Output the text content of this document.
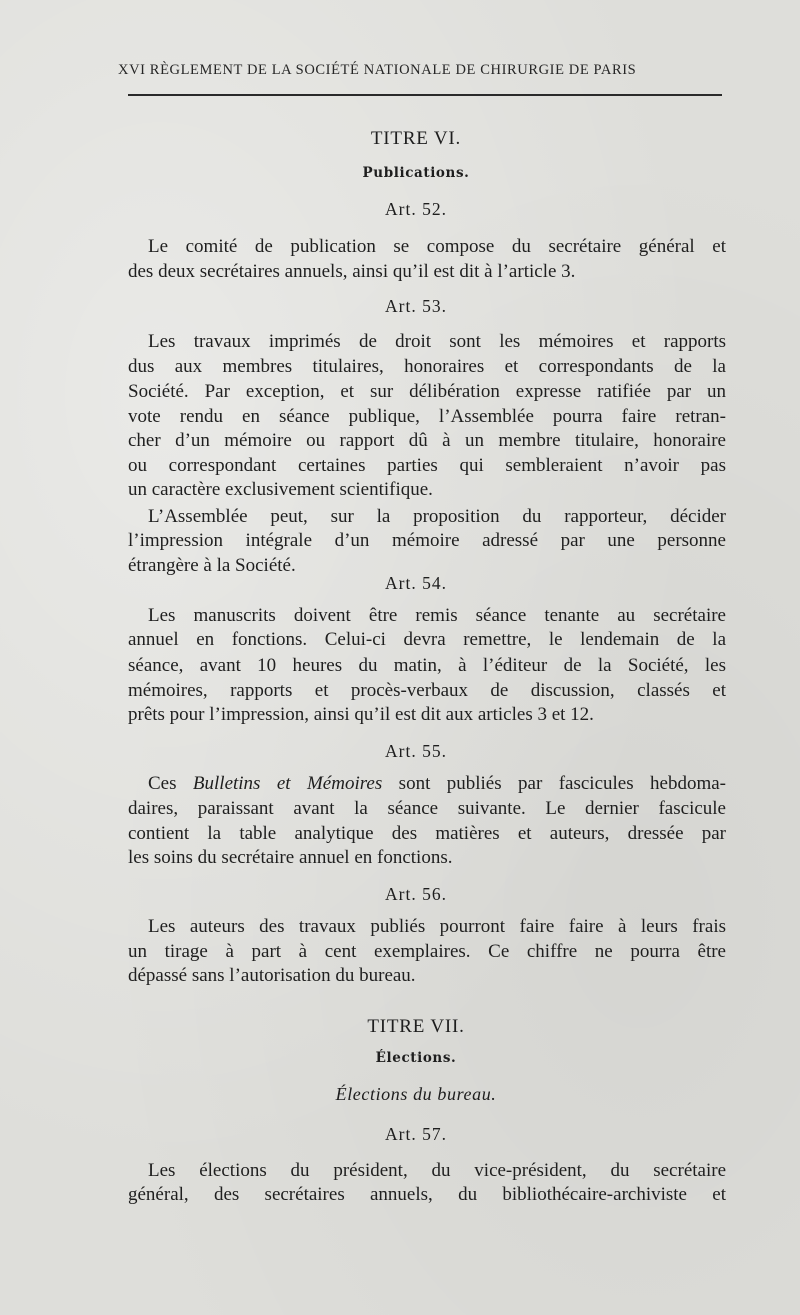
XVI RÈGLEMENT DE LA SOCIÉTÉ NATIONALE DE CHIRURGIE DE PARIS
TITRE VI.
Publications.
Art. 52.
Le comité de publication se compose du secrétaire général et
des deux secrétaires annuels, ainsi qu’il est dit à l’article 3.
Art. 53.
Les travaux imprimés de droit sont les mémoires et rapports
dus aux membres titulaires, honoraires et correspondants de la
Société. Par exception, et sur délibération expresse ratifiée par un
vote rendu en séance publique, l’Assemblée pourra faire retran-
cher d’un mémoire ou rapport dû à un membre titulaire, honoraire
ou correspondant certaines parties qui sembleraient n’avoir pas
un caractère exclusivement scientifique.
L’Assemblée peut, sur la proposition du rapporteur, décider
l’impression intégrale d’un mémoire adressé par une personne
étrangère à la Société.
Art. 54.
Les manuscrits doivent être remis séance tenante au secrétaire
annuel en fonctions. Celui-ci devra remettre, le lendemain de la
séance, avant 10 heures du matin, à l’éditeur de la Société, les
mémoires, rapports et procès-verbaux de discussion, classés et
prêts pour l’impression, ainsi qu’il est dit aux articles 3 et 12.
Art. 55.
Ces Bulletins et Mémoires sont publiés par fascicules hebdoma-
daires, paraissant avant la séance suivante. Le dernier fascicule
contient la table analytique des matières et auteurs, dressée par
les soins du secrétaire annuel en fonctions.
Art. 56.
Les auteurs des travaux publiés pourront faire faire à leurs frais
un tirage à part à cent exemplaires. Ce chiffre ne pourra être
dépassé sans l’autorisation du bureau.
TITRE VII.
Élections.
Élections du bureau.
Art. 57.
Les élections du président, du vice-président, du secrétaire
général, des secrétaires annuels, du bibliothécaire-archiviste et
